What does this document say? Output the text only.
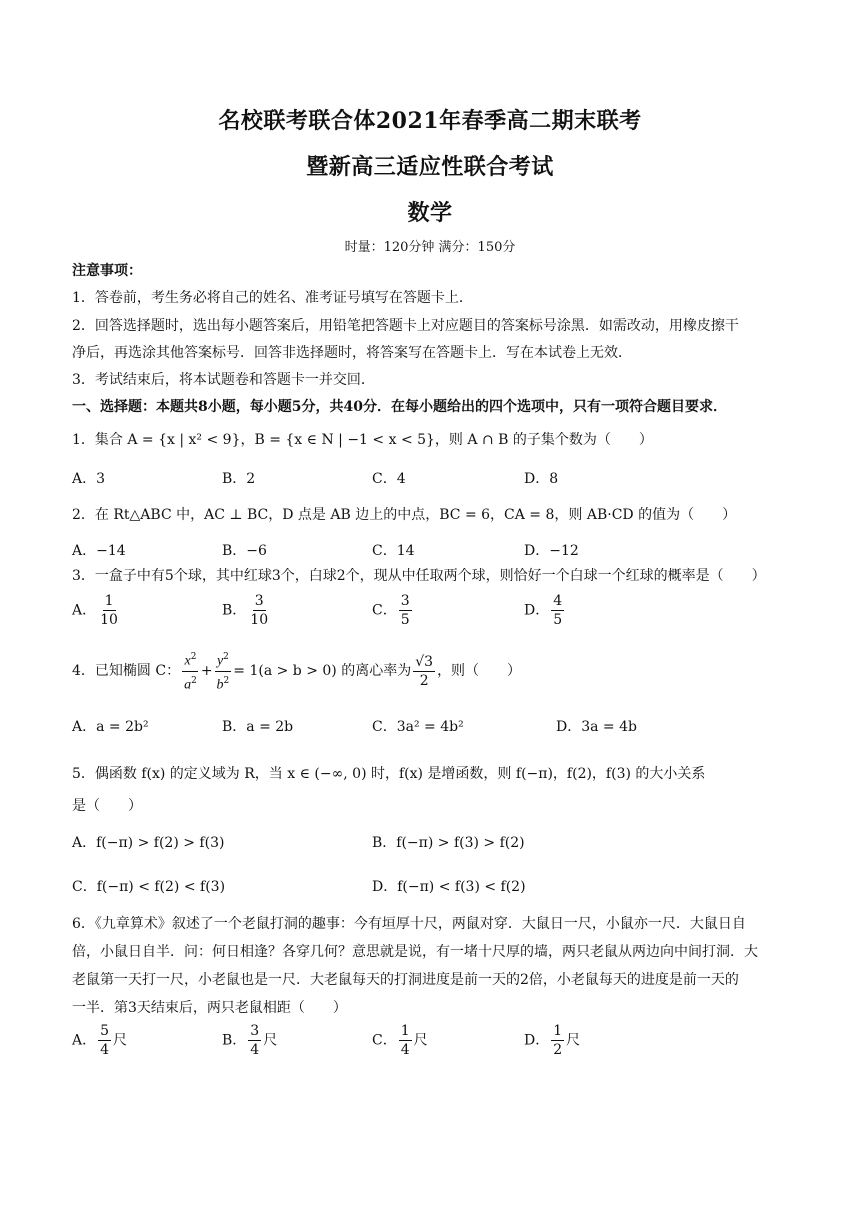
名校联考联合体2021年春季高二期末联考
暨新高三适应性联合考试
数学
时量：120分钟 满分：150分
注意事项：
1．答卷前，考生务必将自己的姓名、准考证号填写在答题卡上．
2．回答选择题时，选出每小题答案后，用铅笔把答题卡上对应题目的答案标号涂黑．如需改动，用橡皮擦干
净后，再选涂其他答案标号．回答非选择题时，将答案写在答题卡上．写在本试卷上无效．
3．考试结束后，将本试题卷和答题卡一并交回．
一、选择题：本题共8小题，每小题5分，共40分．在每小题给出的四个选项中，只有一项符合题目要求．
1．集合 A = {x | x² < 9}，B = {x ∈ N | −1 < x < 5}，则 A ∩ B 的子集个数为（　　）
A．3	B．2	C．4	D．8
2．在 Rt△ABC 中，AC ⊥ BC，D 点是 AB 边上的中点，BC = 6，CA = 8，则 AB·CD 的值为（　　）
A．−14	B．−6	C．14	D．−12
3．一盒子中有5个球，其中红球3个，白球2个，现从中任取两个球，则恰好一个白球一个红球的概率是（　　）
A． $\frac{1}{10}$	B． $\frac{3}{10}$	C． $\frac{3}{5}$	D． $\frac{4}{5}$
4．已知椭圆 C： $\frac{x^2}{a^2} + \frac{y^2}{b^2} = 1(a > b > 0)$ 的离心率为 $\frac{√3}{2}$ ，则（　　）
A．a = 2b²	B．a = 2b	C．3a² = 4b²	D．3a = 4b
5．偶函数 f(x) 的定义域为 R，当 x ∈ (−∞, 0) 时，f(x) 是增函数，则 f(−π)，f(2)，f(3) 的大小关系
是（　　）
A．f(−π) > f(2) > f(3)	B．f(−π) > f(3) > f(2)
C．f(−π) < f(2) < f(3)	D．f(−π) < f(3) < f(2)
6．《九章算术》叙述了一个老鼠打洞的趣事：今有垣厚十尺，两鼠对穿．大鼠日一尺，小鼠亦一尺．大鼠日自
倍，小鼠日自半．问：何日相逢？各穿几何？意思就是说，有一堵十尺厚的墙，两只老鼠从两边向中间打洞．大
老鼠第一天打一尺，小老鼠也是一尺．大老鼠每天的打洞进度是前一天的2倍，小老鼠每天的进度是前一天的
一半．第3天结束后，两只老鼠相距（　　）
A． $\frac{5}{4}$ 尺	B． $\frac{3}{4}$ 尺	C． $\frac{1}{4}$ 尺	D． $\frac{1}{2}$ 尺
